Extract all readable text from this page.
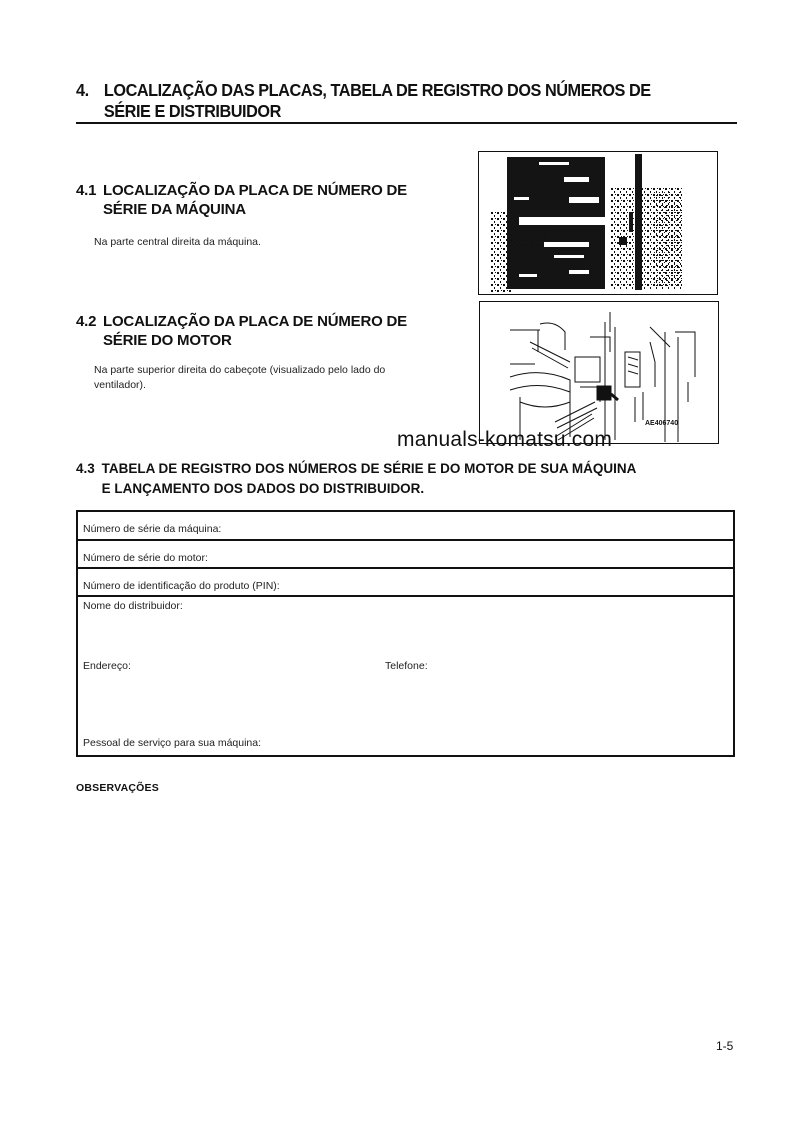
4. LOCALIZAÇÃO DAS PLACAS, TABELA DE REGISTRO DOS NÚMEROS DE
SÉRIE E DISTRIBUIDOR
4.1 LOCALIZAÇÃO DA PLACA DE NÚMERO DE
SÉRIE DA MÁQUINA
Na parte central direita da máquina.
4.2 LOCALIZAÇÃO DA PLACA DE NÚMERO DE
SÉRIE DO MOTOR
Na parte superior direita do cabeçote (visualizado pelo lado do
ventilador).
AE406740
manuals-komatsu.com
4.3 TABELA DE REGISTRO DOS NÚMEROS DE SÉRIE E DO MOTOR DE SUA MÁQUINA
E LANÇAMENTO DOS DADOS DO DISTRIBUIDOR.
Número de série da máquina:
Número de série do motor:
Número de identificação do produto (PIN):
Nome do distribuidor:
Endereço:	Telefone:
Pessoal de serviço para sua máquina:
OBSERVAÇÕES
1-5
